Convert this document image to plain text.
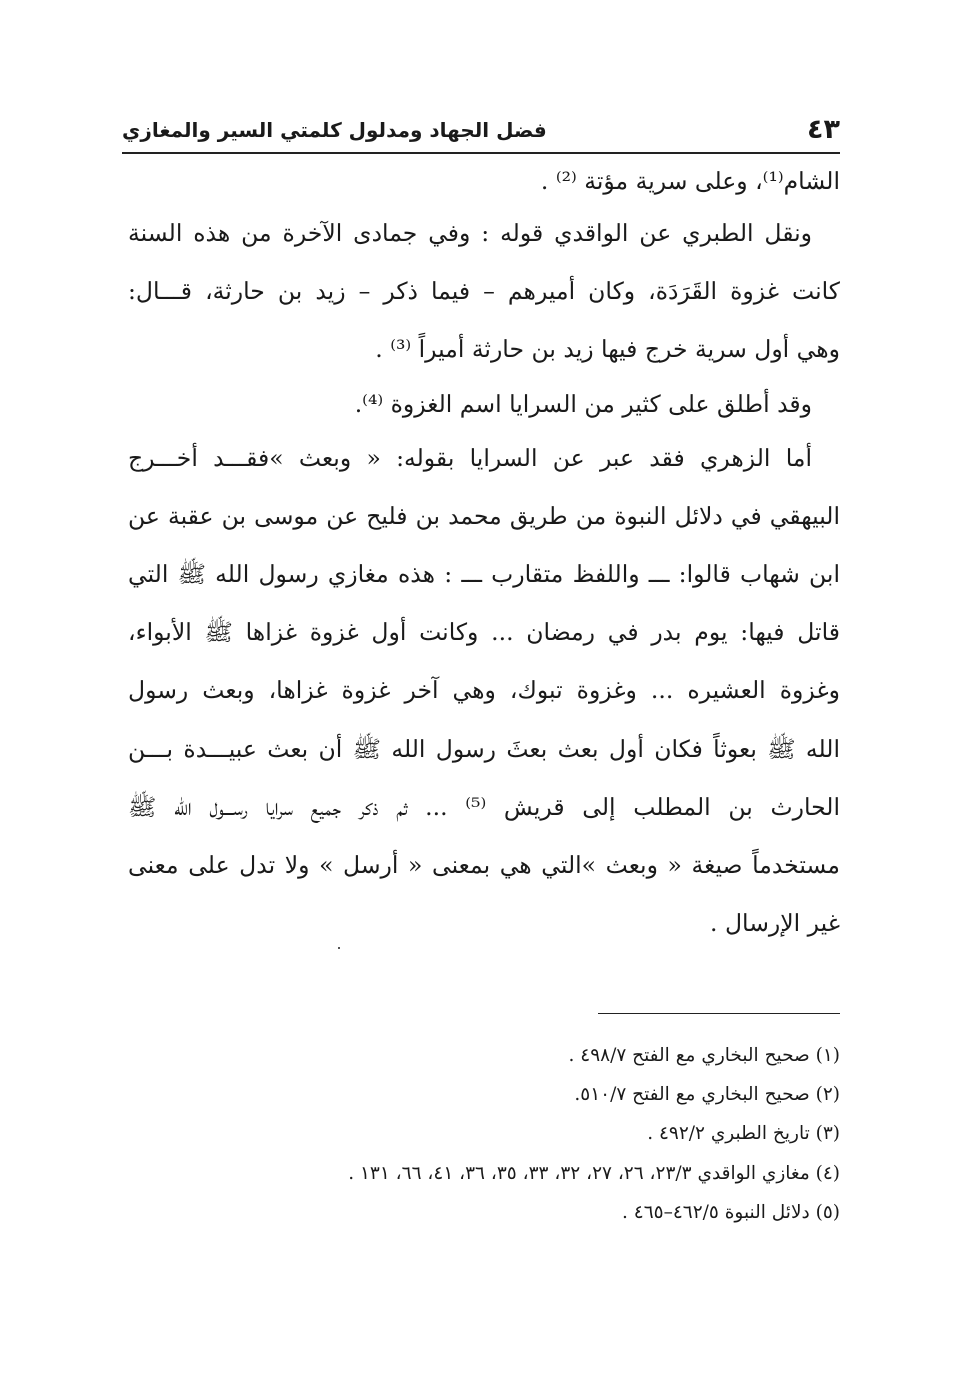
٤٣
فضل الجهاد ومدلول كلمتي السير والمغازي
الشام⁽¹⁾، وعلى سرية مؤتة ⁽²⁾ .
ونقل الطبري عن الواقدي قوله : وفي جمادى الآخرة من هذه السنة
كانت غزوة القَرَدَة، وكان أميرهم – فيما ذكر – زيد بن حارثة، قـــال:
وهي أول سرية خرج فيها زيد بن حارثة أميراً ⁽³⁾ .
وقد أطلق على كثير من السرايا اسم الغزوة ⁽⁴⁾.
أما الزهري فقد عبر عن السرايا بقوله: « وبعث »فقـــد أخـــرج
البيهقي في دلائل النبوة من طريق محمد بن فليح عن موسى بن عقبة عن
ابن شهاب قالوا: ـــ واللفظ متقارب ـــ : هذه مغازي رسول الله ﷺ التي
قاتل فيها: يوم بدر في رمضان ... وكانت أول غزوة غزاها ﷺ الأبواء،
وغزوة العشيره ... وغزوة تبوك، وهي آخر غزوة غزاها، وبعث رسول
الله ﷺ بعوثاً فكان أول بعث بعثَ رسول الله ﷺ أن بعث عبيـــدة بـــن
الحارث بن المطلب إلى قريش ⁽⁵⁾ ... ثم ذكر جميع سرايا رســـول الله ﷺ
مستخدماً صيغة « وبعث »التي هي بمعنى « أرسل » ولا تدل على معنى
غير الإرسال .
(١) صحيح البخاري مع الفتح ٤٩٨/٧ .
(٢) صحيح البخاري مع الفتح ٥١٠/٧.
(٣) تاريخ الطبري ٤٩٢/٢ .
(٤) مغازي الواقدي ٢٣/٣، ٢٦، ٢٧، ٣٢، ٣٣، ٣٥، ٣٦، ٤١، ٦٦، ١٣١ .
(٥) دلائل النبوة ٤٦٢/٥–٤٦٥ .
